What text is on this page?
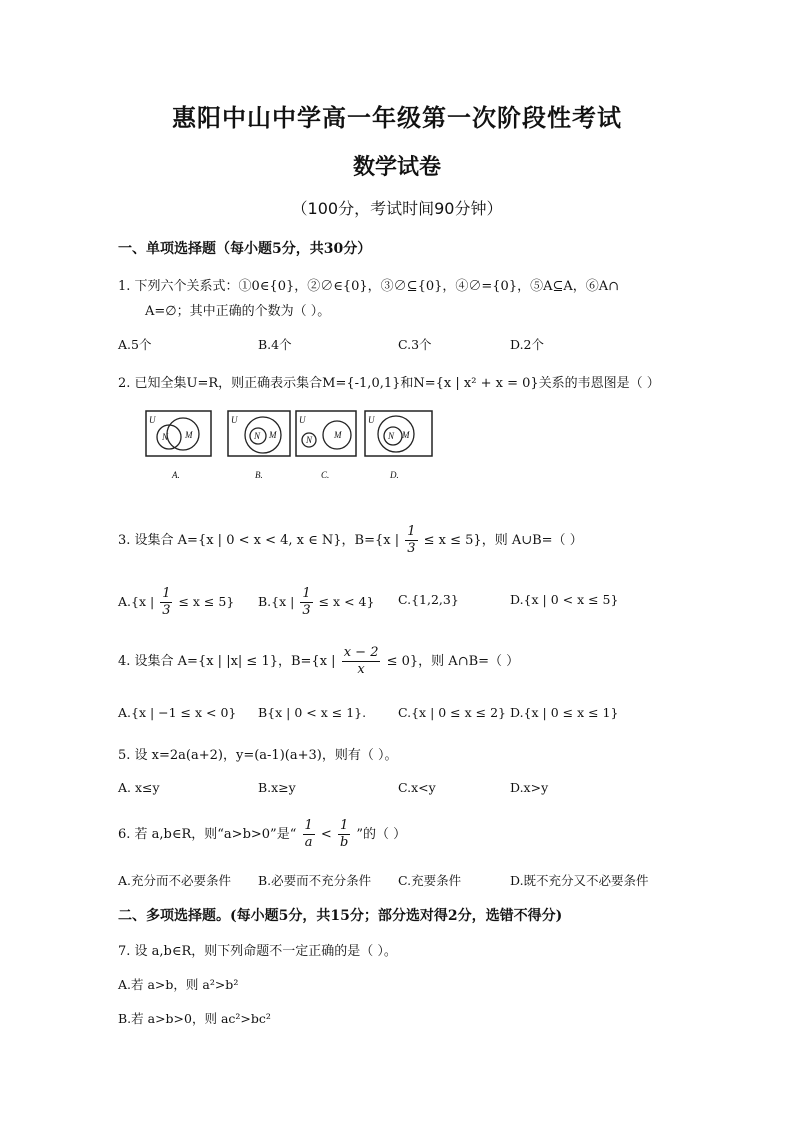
惠阳中山中学高一年级第一次阶段性考试
数学试卷
（100分，考试时间90分钟）
一、单项选择题（每小题5分，共30分）
1. 下列六个关系式：①0∈{0}，②∅∈{0}，③∅⊆{0}，④∅={0}，⑤A⊆A，⑥A∩
A=∅；其中正确的个数为（ ）。
A.5个	B.4个	C.3个	D.2个
2. 已知全集U=R，则正确表示集合M={-1,0,1}和N={x | x² + x = 0}关系的韦恩图是（ ）
U
N M
A.
U
N M
B.
U
N M
C.
U
N M
D.
3. 设集合 A={x | 0 < x < 4, x ∈ N}，B={x | $\frac{1}{3} \le x \le 5$}，则 A∪B=（ ）
A.{x | $\frac{1}{3} \le x \le 5$} B.{x | $\frac{1}{3} \le x < 4$} C.{1,2,3}	D.{x | 0 < x ≤ 5}
4. 设集合 A={x | |x| ≤ 1}，B={x | $\frac{x - 2}{x} \le 0$}，则 A∩B=（ ）
A.{x | −1 ≤ x < 0} B{x | 0 < x ≤ 1}.	C.{x | 0 ≤ x ≤ 2} D.{x | 0 ≤ x ≤ 1}
5. 设 x=2a(a+2)，y=(a-1)(a+3)，则有（ ）。
A. x≤y	B.x≥y	C.x<y	D.x>y
6. 若 a,b∈R，则“a>b>0”是“ $\frac{1}{a} < \frac{1}{b}$ ”的（ ）
A.充分而不必要条件 B.必要而不充分条件 C.充要条件	D.既不充分又不必要条件
二、多项选择题。(每小题5分，共15分；部分选对得2分，选错不得分)
7. 设 a,b∈R，则下列命题不一定正确的是（ ）。
A.若 a>b，则 a²>b²
B.若 a>b>0，则 ac²>bc²
